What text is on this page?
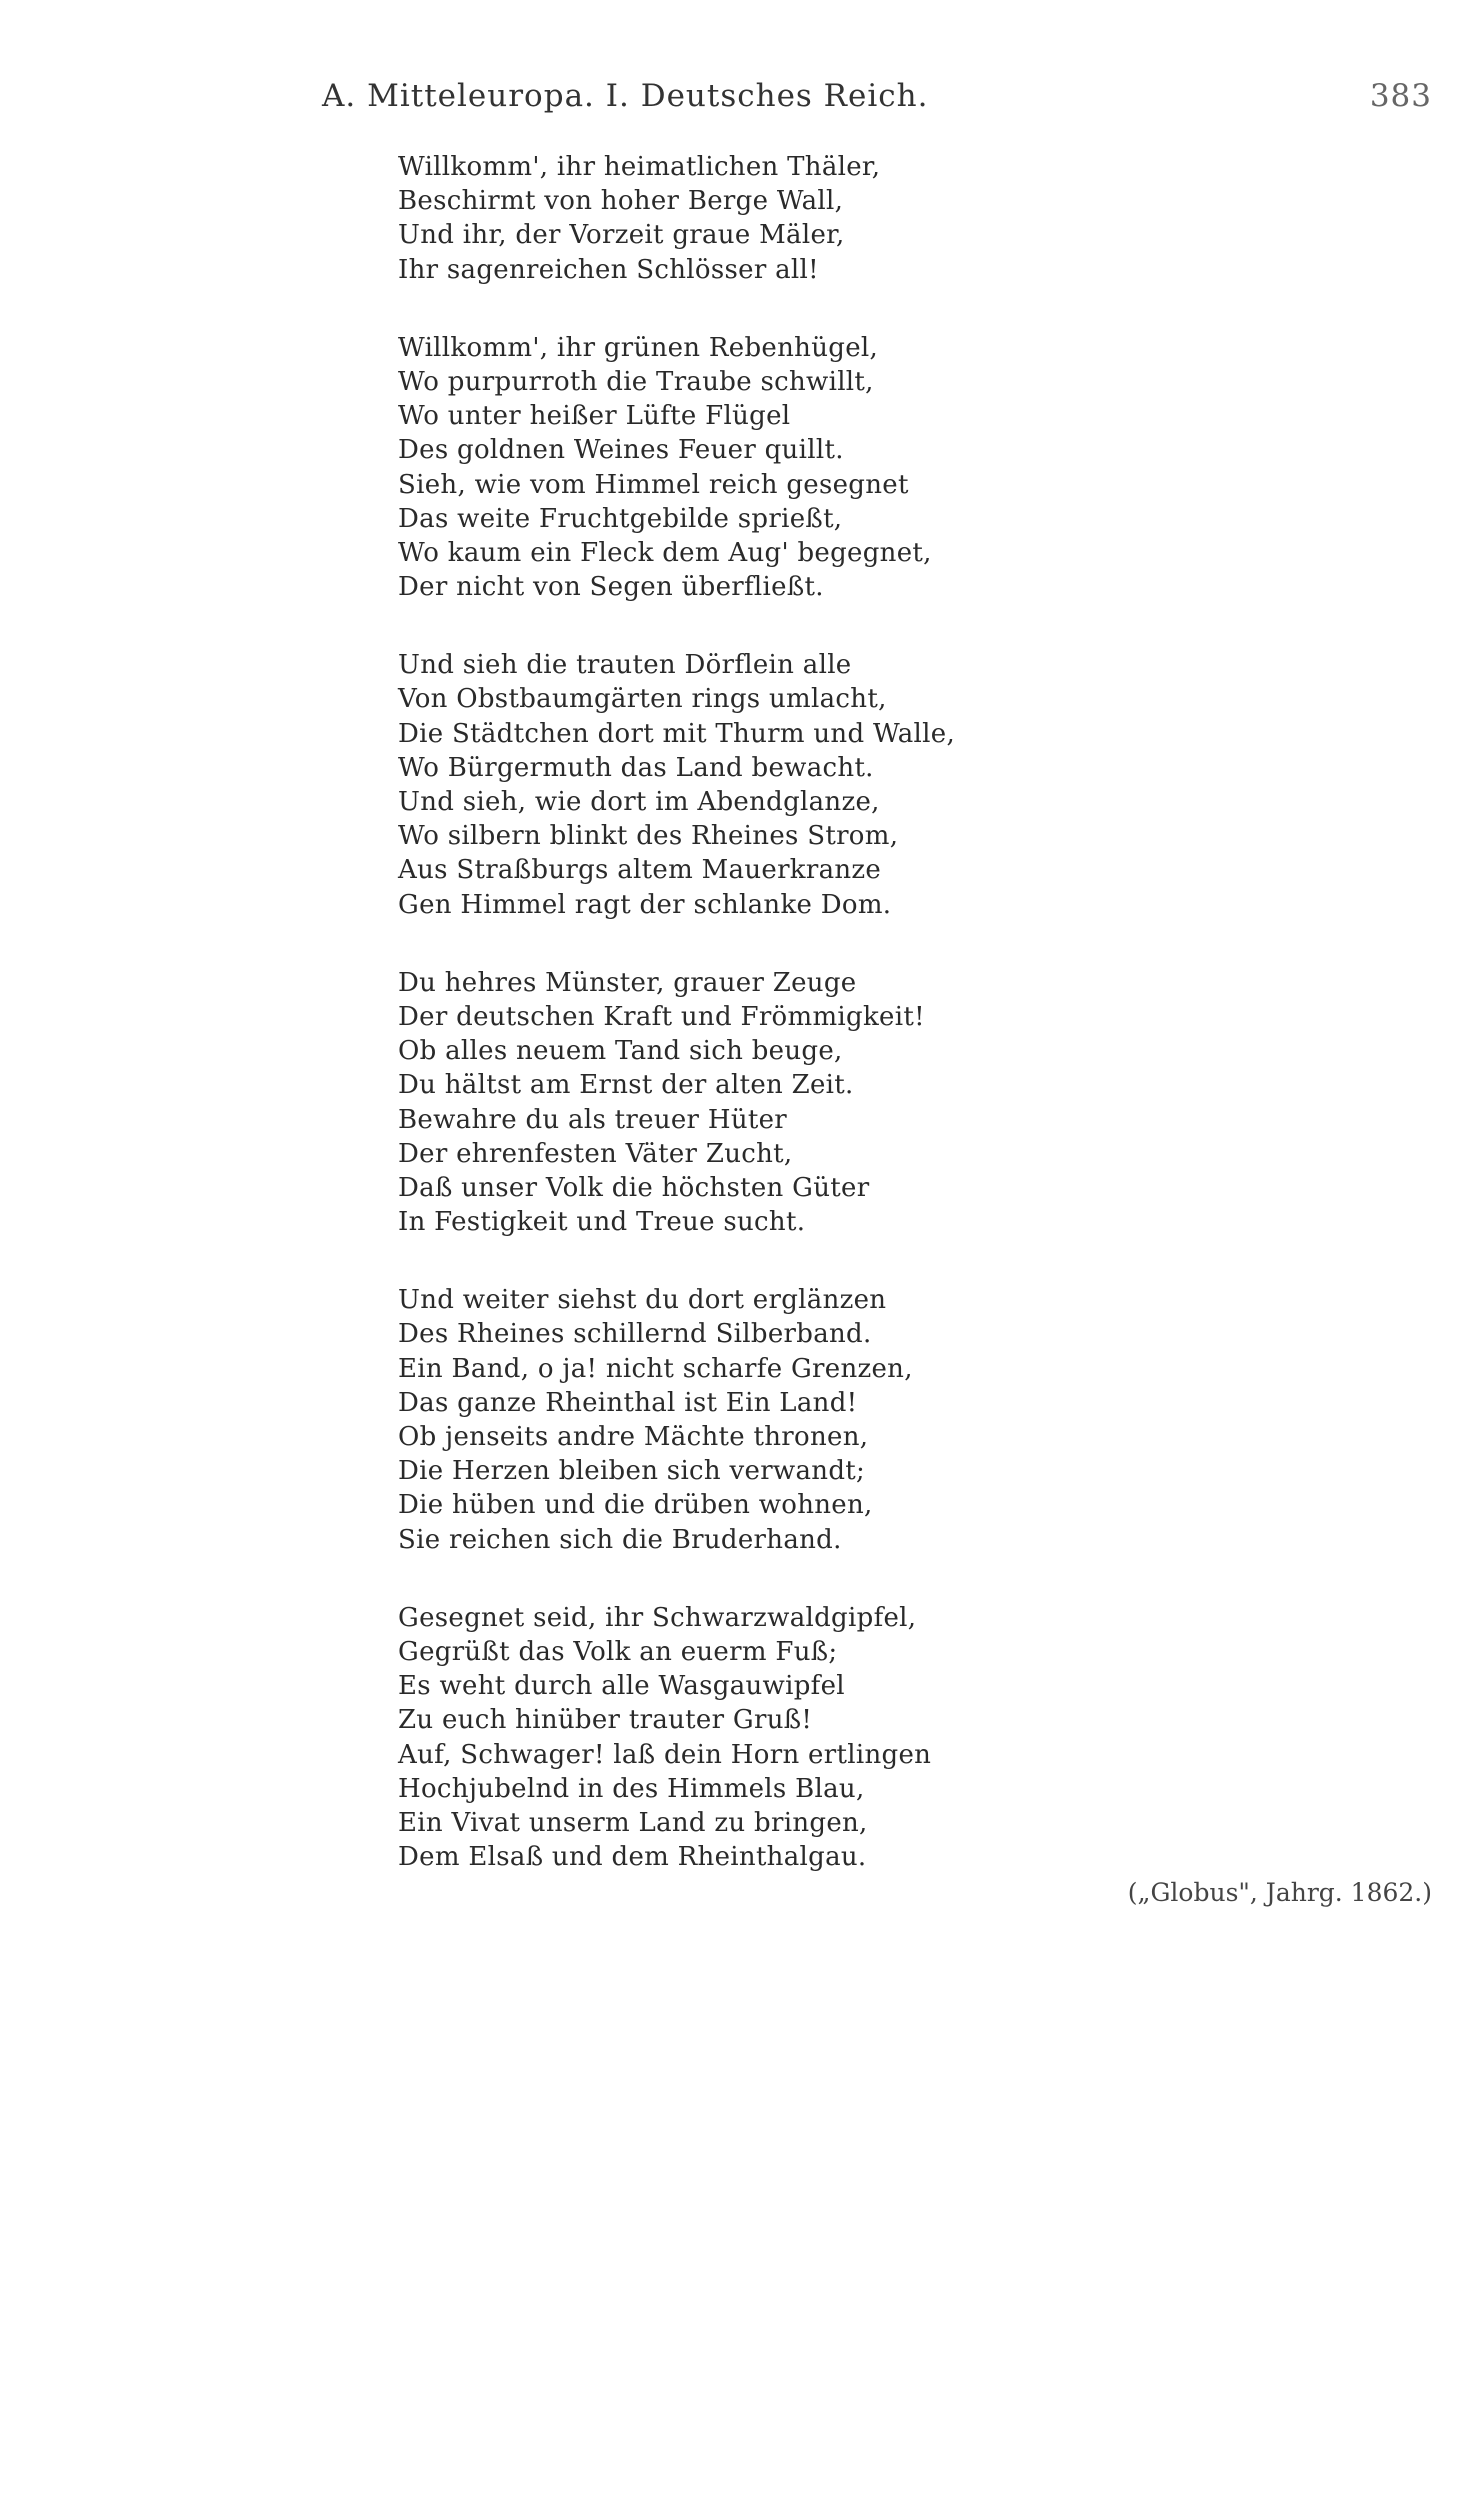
A. Mitteleuropa. I. Deutsches Reich.	383
Willkomm', ihr heimatlichen Thäler,
Beschirmt von hoher Berge Wall,
Und ihr, der Vorzeit graue Mäler,
Ihr sagenreichen Schlösser all!
Willkomm', ihr grünen Rebenhügel,
Wo purpurroth die Traube schwillt,
Wo unter heißer Lüfte Flügel
Des goldnen Weines Feuer quillt.
Sieh, wie vom Himmel reich gesegnet
Das weite Fruchtgebilde sprießt,
Wo kaum ein Fleck dem Aug' begegnet,
Der nicht von Segen überfließt.
Und sieh die trauten Dörflein alle
Von Obstbaumgärten rings umlacht,
Die Städtchen dort mit Thurm und Walle,
Wo Bürgermuth das Land bewacht.
Und sieh, wie dort im Abendglanze,
Wo silbern blinkt des Rheines Strom,
Aus Straßburgs altem Mauerkranze
Gen Himmel ragt der schlanke Dom.
Du hehres Münster, grauer Zeuge
Der deutschen Kraft und Frömmigkeit!
Ob alles neuem Tand sich beuge,
Du hältst am Ernst der alten Zeit.
Bewahre du als treuer Hüter
Der ehrenfesten Väter Zucht,
Daß unser Volk die höchsten Güter
In Festigkeit und Treue sucht.
Und weiter siehst du dort erglänzen
Des Rheines schillernd Silberband.
Ein Band, o ja! nicht scharfe Grenzen,
Das ganze Rheinthal ist Ein Land!
Ob jenseits andre Mächte thronen,
Die Herzen bleiben sich verwandt;
Die hüben und die drüben wohnen,
Sie reichen sich die Bruderhand.
Gesegnet seid, ihr Schwarzwaldgipfel,
Gegrüßt das Volk an euerm Fuß;
Es weht durch alle Wasgauwipfel
Zu euch hinüber trauter Gruß!
Auf, Schwager! laß dein Horn ertlingen
Hochjubelnd in des Himmels Blau,
Ein Vivat unserm Land zu bringen,
Dem Elsaß und dem Rheinthalgau.
(„Globus", Jahrg. 1862.)
